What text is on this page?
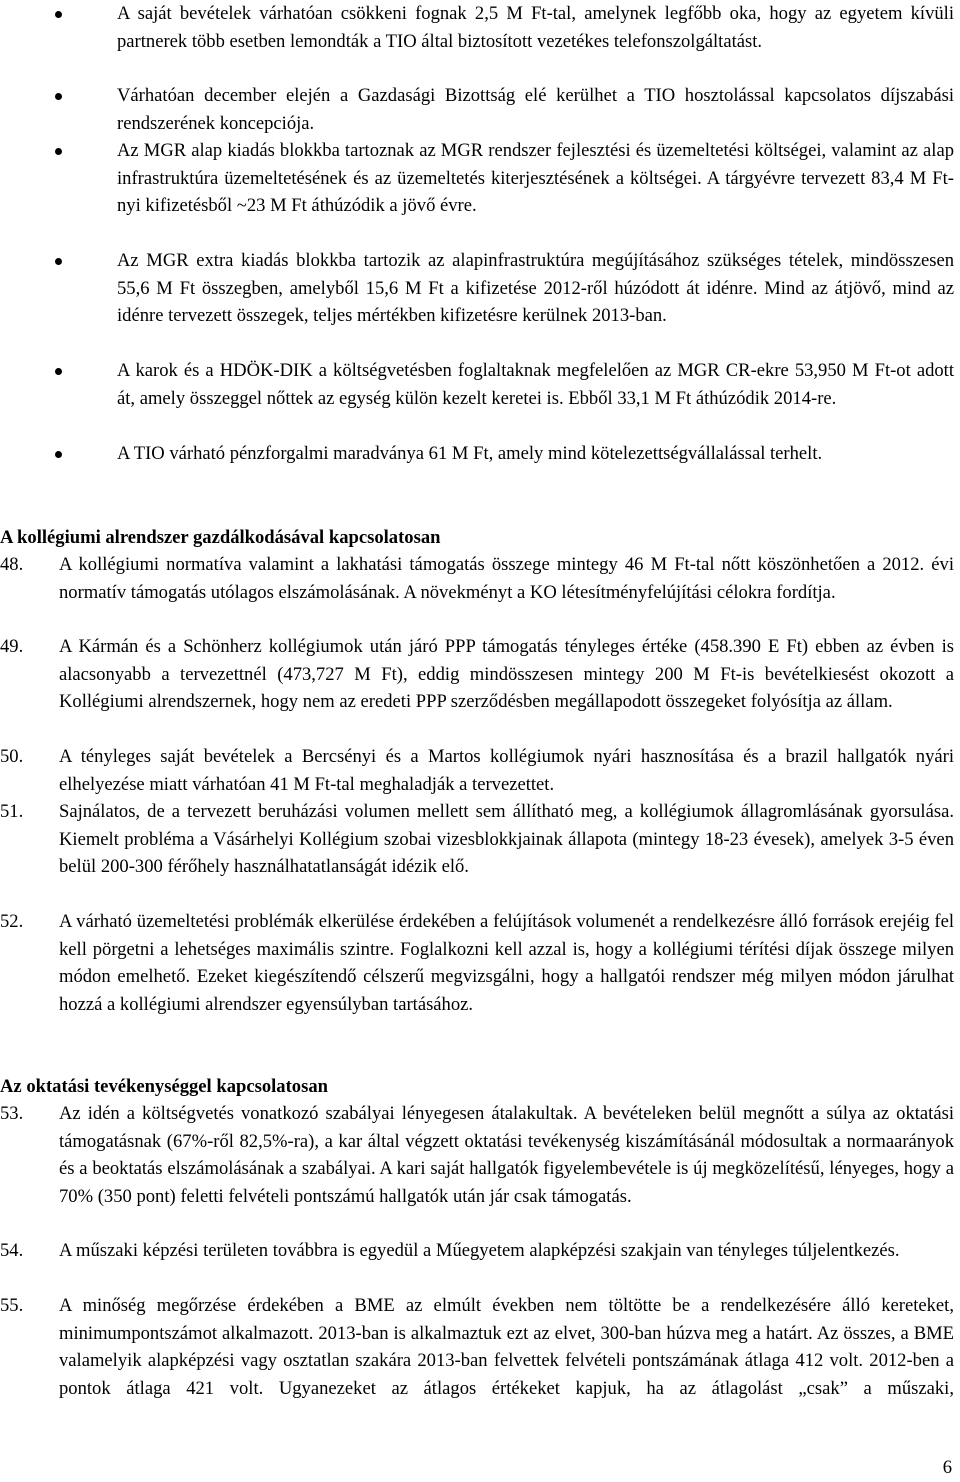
A saját bevételek várhatóan csökkeni fognak 2,5 M Ft-tal, amelynek legfőbb oka, hogy az egyetem kívüli partnerek több esetben lemondták a TIO által biztosított vezetékes telefonszolgáltatást.

Várhatóan december elején a Gazdasági Bizottság elé kerülhet a TIO hosztolással kapcsolatos díjszabási rendszerének koncepciója.

Az MGR alap kiadás blokkba tartoznak az MGR rendszer fejlesztési és üzemeltetési költségei, valamint az alap infrastruktúra üzemeltetésének és az üzemeltetés kiterjesztésének a költségei. A tárgyévre tervezett 83,4 M Ft-nyi kifizetésből ~23 M Ft áthúzódik a jövő évre.

Az MGR extra kiadás blokkba tartozik az alapinfrastruktúra megújításához szükséges tételek, mindösszesen 55,6 M Ft összegben, amelyből 15,6 M Ft a kifizetése 2012-ről húzódott át idénre. Mind az átjövő, mind az idénre tervezett összegek, teljes mértékben kifizetésre kerülnek 2013-ban.

A karok és a HDÖK-DIK a költségvetésben foglaltaknak megfelelően az MGR CR-ekre 53,950 M Ft-ot adott át, amely összeggel nőttek az egység külön kezelt keretei is. Ebből 33,1 M Ft áthúzódik 2014-re.

A TIO várható pénzforgalmi maradványa 61 M Ft, amely mind kötelezettségvállalással terhelt.

A kollégiumi alrendszer gazdálkodásával kapcsolatosan
48. A kollégiumi normatíva valamint a lakhatási támogatás összege mintegy 46 M Ft-tal nőtt köszönhetően a 2012. évi normatív támogatás utólagos elszámolásának. A növekményt a KO létesítményfelújítási célokra fordítja.

49. A Kármán és a Schönherz kollégiumok után járó PPP támogatás tényleges értéke (458.390 E Ft) ebben az évben is alacsonyabb a tervezettnél (473,727 M Ft), eddig mindösszesen mintegy 200 M Ft-is bevételkiesést okozott a Kollégiumi alrendszernek, hogy nem az eredeti PPP szerződésben megállapodott összegeket folyósítja az állam.

50. A tényleges saját bevételek a Bercsényi és a Martos kollégiumok nyári hasznosítása és a brazil hallgatók nyári elhelyezése miatt várhatóan 41 M Ft-tal meghaladják a tervezettet.

51. Sajnálatos, de a tervezett beruházási volumen mellett sem állítható meg, a kollégiumok állagromlásának gyorsulása. Kiemelt probléma a Vásárhelyi Kollégium szobai vizesblokkjainak állapota (mintegy 18-23 évesek), amelyek 3-5 éven belül 200-300 férőhely használhatatlanságát idézik elő.

52. A várható üzemeltetési problémák elkerülése érdekében a felújítások volumenét a rendelkezésre álló források erejéig fel kell pörgetni a lehetséges maximális szintre. Foglalkozni kell azzal is, hogy a kollégiumi térítési díjak összege milyen módon emelhető. Ezeket kiegészítendő célszerű megvizsgálni, hogy a hallgatói rendszer még milyen módon járulhat hozzá a kollégiumi alrendszer egyensúlyban tartásához.

Az oktatási tevékenységgel kapcsolatosan
53. Az idén a költségvetés vonatkozó szabályai lényegesen átalakultak. A bevételeken belül megnőtt a súlya az oktatási támogatásnak (67%-ről 82,5%-ra), a kar által végzett oktatási tevékenység kiszámításánál módosultak a normaarányok és a beoktatás elszámolásának a szabályai. A kari saját hallgatók figyelembevétele is új megközelítésű, lényeges, hogy a 70% (350 pont) feletti felvételi pontszámú hallgatók után jár csak támogatás.

54. A műszaki képzési területen továbbra is egyedül a Műegyetem alapképzési szakjain van tényleges túljelentkezés.

55. A minőség megőrzése érdekében a BME az elmúlt években nem töltötte be a rendelkezésére álló kereteket, minimumpontszámot alkalmazott. 2013-ban is alkalmaztuk ezt az elvet, 300-ban húzva meg a határt. Az összes, a BME valamelyik alapképzési vagy osztatlan szakára 2013-ban felvettek felvételi pontszámának átlaga 412 volt. 2012-ben a pontok átlaga 421 volt. Ugyanezeket az átlagos értékeket kapjuk, ha az átlagolást „csak” a műszaki,

6
